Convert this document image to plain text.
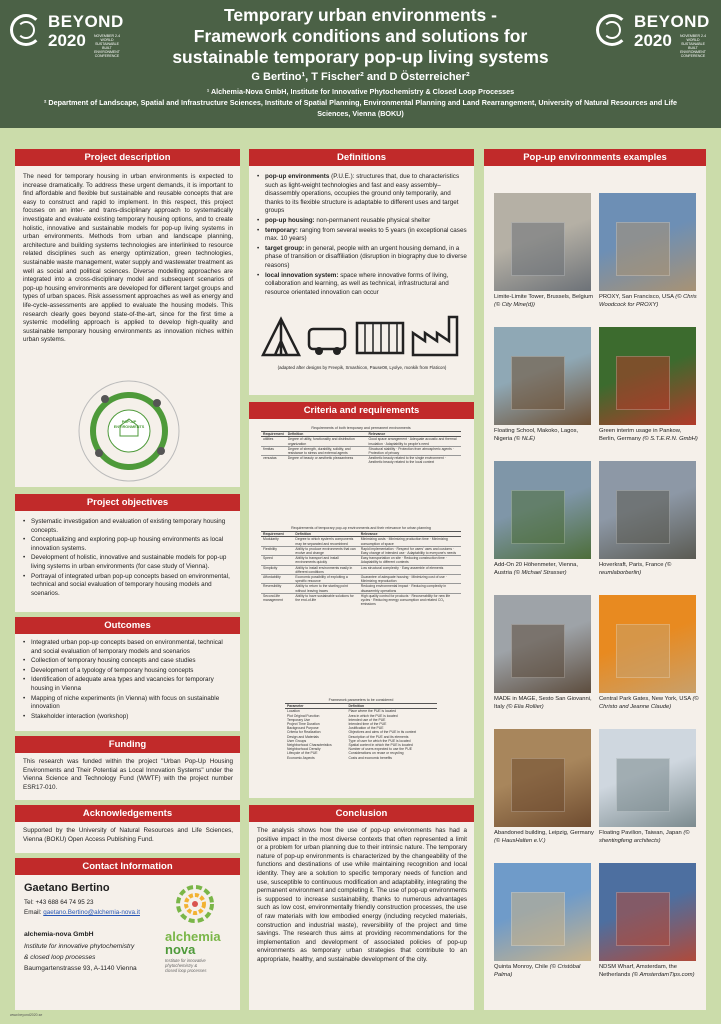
BEYOND
2020	NOVEMBER 2-4 WORLD SUSTAINABLE BUILT ENVIRONMENT CONFERENCE
BEYOND
2020	NOVEMBER 2-4 WORLD SUSTAINABLE BUILT ENVIRONMENT CONFERENCE
Temporary urban environments -
Framework conditions and solutions for
sustainable temporary pop-up living systems
G Bertino¹, T Fischer² and D Österreicher²
¹ Alchemia-Nova GmbH, Institute for Innovative Phytochemistry & Closed Loop Processes
² Department of Landscape, Spatial and Infrastructure Sciences, Institute of Spatial Planning, Environmental Planning and Land Rearrangement, University of Natural Resources and Life Sciences, Vienna (BOKU)
Project description
The need for temporary housing in urban environments is expected to increase dramatically. To address these urgent demands, it is important to find affordable and flexible but sustainable and reusable concepts that are easy to construct and rapid to implement. In this respect, this project focuses on an inter- and trans-disciplinary approach to systematically investigate and evaluate existing temporary housing options, and to create holistic, innovative and sustainable models for pop-up living systems in urban environments. Methods from urban and landscape planning, architecture and building systems technologies are interlinked to resource related disciplines such as energy optimization, green technologies, sustainable waste management, water supply and wastewater treatment as well as social and political sciences. Diverse modelling approaches are integrated into a cross-disciplinary model and subsequent scenarios of pop-up housing environments are developed for different target groups and types of urban spaces. Risk assessment approaches as well as energy and life-cycle-assessments are applied to evaluate the housing models. This research clearly goes beyond state-of-the-art, since for the first time a systemic modelling approach is applied to develop high-quality and sustainable temporary housing environments as innovation niches within urban systems.
POP-UP ENVIRONMENTS
Project objectives
• Systematic investigation and evaluation of existing temporary housing concepts.
• Conceptualizing and exploring pop-up housing environments as local innovation systems.
• Development of holistic, innovative and sustainable models for pop-up living systems in urban environments (for case study of Vienna).
• Portrayal of integrated urban pop-up concepts based on environmental, technical and social evaluation of temporary housing models and scenarios.
Outcomes
• Integrated urban pop-up concepts based on environmental, technical and social evaluation of temporary models and scenarios
• Collection of temporary housing concepts and case studies
• Development of a typology of temporary housing concepts
• Identification of adequate area types and vacancies for temporary housing in Vienna
• Mapping of niche experiments (in Vienna) with focus on sustainable innovation
• Stakeholder interaction (workshop)
Funding
This research was funded within the project "Urban Pop-Up Housing Environments and Their Potential as Local Innovation Systems" under the Vienna Science and Technology Fund (WWTF) with the project number ESR17-010.
Acknowledgements
Supported by the University of Natural Resources and Life Sciences, Vienna (BOKU) Open Access Publishing Fund.
Contact Information
Gaetano Bertino
Tel: +43 688 64 74 95 23
Email: gaetano.Bertino@alchemia-nova.it
alchemia-nova GmbH
Institute for innovative phytochemistry
& closed loop processes
Baumgartenstrasse 93, A-1140 Vienna
alchemia
nova
Institute for innovative
phytochemistry &
closed loop processes
Definitions
• pop-up environments (P.U.E.): structures that, due to characteristics such as light-weight technologies and fast and easy assembly–disassembly operations, occupies the ground only temporarily, and thanks to its flexible structure is adaptable to different uses and target groups
• pop-up housing: non-permanent reusable physical shelter
• temporary: ranging from several weeks to 5 years (in exceptional cases max. 10 years)
• target group: in general, people with an urgent housing demand, in a phase of transition or disaffiliation (disruption in biography due to diverse reasons)
• local innovation system: space where innovative forms of living, collaboration and learning, as well as technical, infrastructural and resource orientated innovation can occur
(adapted after designs by Freepik, Smashicon, Pause08, Lyolye, monkik from Flaticon)
Criteria and requirements
Requirements of both temporary and permanent environments
Requirement	Definition	Relevance
utilities	Degree of utility, functionality and distribution organization	Good space arrangement · Adequate acoustic and thermal insulation · Adaptability to people's need
firmitas	Degree of strength, durability, solidity, and resistance to stress and external agents	Structural stability · Protection from atmospheric agents · Protection of privacy
venustas	Degree of beauty or aesthetic pleasantness	Aesthetic beauty related to the single environment · Aesthetic beauty related to the local context
Requirements of temporary pop-up environments and their relevance for urban planning
Requirement	Definition	Relevance
Modularity	Degree to which system's components may be separated and recombined	Minimizing costs · Minimizing production time · Minimizing consumption of space
Flexibility	Ability to produce environments that can evolve and change	Rapid implementation · Respect for users' uses and customs · Easy change of intended use · Adaptability to everyone's needs
Speed	Ability to transport and install environments quickly	Easy transportation on site · Reducing construction time · Adaptability to different contexts
Simplicity	Ability to install environments easily in different conditions	Low structural complexity · Easy assemble of elements
Affordability	Economic possibility of exploiting a specific resource	Guarantee of adequate housing · Minimizing cost of use · Minimizing reproduction
Reversibility	Ability to return to the starting point without leaving traces	Reducing environmental impact · Reducing complexity in disassembly operations
Second-life management	Ability to have sustainable solutions for the end-of-life	High quality control for products · Recoverability for new life cycles · Reducing energy consumption and related CO₂ emissions
Framework parameters to be considered
Parameter	Definition
Location	Place where the PUE is located
Plot Original Function	Area in which the PUE is located
Temporary Use	Intended use of the PUE
Project Time Duration	Intended time of the PUE
Background Purpose	Justification of the PUE
Criteria for Realization	Objectives and aims of the PUE in its context
Design and Materials	Description of the PUE and its elements
User Groups	Type of user for which the PUE is located
Neighborhood Characteristics	Spatial context in which the PUE is located
Neighborhood Density	Number of users expected to use the PUE
Lifecycle of the PUE	Considerations on reuse or recycling
Economic Aspects	Costs and economic benefits
Conclusion
The analysis shows how the use of pop-up environments has had a positive impact in the most diverse contexts that often represented a limit or a problem for urban planning due to their intrinsic nature. The temporary nature of pop-up environments is characterized by the changeability of the functions and destinations of use while maintaining recognition and local identity. They are a solution to specific temporary needs of function and use, susceptible to continuous modification and adaptability, integrating the permanent environment and completing it. The use of pop-up environments is supposed to increase sustainability, thanks to numerous advantages such as low cost, environmentally friendly construction processes, the use of raw materials with low embodied energy (including recycled materials, construction and industrial waste), reversibility of the project and time savings. The research thus aims at providing recommendations for the implementation and development of associated policies of pop-up environments as temporary urban strategies that contribute to an appropriate, healthy, and sustainable development of the city.
Pop-up environments examples
Limite-Limite Tower, Brussels, Belgium (© City Mine(d))
PROXY, San Francisco, USA (© Chris Woodcock for PROXY)
Floating School, Makoko, Lagos, Nigeria (© NLÉ)
Green interim usage in Pankow, Berlin, Germany (© S.T.E.R.N. GmbH)
Add-On 20 Höhenmeter, Vienna, Austria (© Michael Strasser)
Hoverkraft, Paris, France (© reumlaborberlin)
MADE in MAGE, Sesto San Giovanni, Italy (© Elia Rollier)
Central Park Gates, New York, USA (© Christo and Jeanne Claude)
Abandoned building, Leipzig, Germany (© HausHalten e.V.)
Floating Pavilion, Taiwan, Japan (© shentingfeng architects)
Quinta Monroy, Chile (© Cristóbal Palma)
NDSM Wharf, Amsterdam, the Netherlands (© AmsterdamTips.com)
www.beyond2020.se
